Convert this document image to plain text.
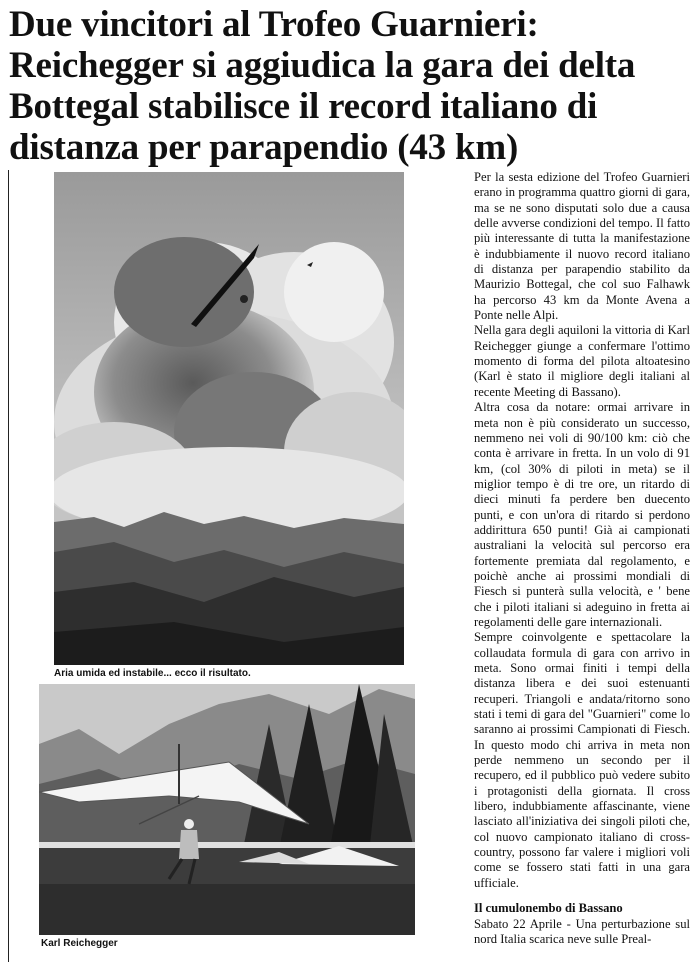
Due vincitori al Trofeo Guarnieri:
Reichegger si aggiudica la gara dei delta
Bottegal stabilisce il record italiano di
distanza per parapendio (43 km)
Aria umida ed instabile... ecco il risultato.
Karl Reichegger

Per la sesta edizione del Trofeo Guarnieri erano in programma quattro giorni di gara, ma se ne sono disputati solo due a causa delle avverse condizioni del tempo. Il fatto più interessante di tutta la manifestazione è indubbiamente il nuovo record italiano di distanza per parapendio stabilito da Maurizio Bottegal, che col suo Falhawk ha percorso 43 km da Monte Avena a Ponte nelle Alpi.

Nella gara degli aquiloni la vittoria di Karl Reichegger giunge a confermare l'ottimo momento di forma del pilota altoatesino (Karl è stato il migliore degli italiani al recente Meeting di Bassano).

Altra cosa da notare: ormai arrivare in meta non è più considerato un successo, nemmeno nei voli di 90/100 km: ciò che conta è arrivare in fretta. In un volo di 91 km, (col 30% di piloti in meta) se il miglior tempo è di tre ore, un ritardo di dieci minuti fa perdere ben duecento punti, e con un'ora di ritardo si perdono addirittura 650 punti! Già ai campionati australiani la velocità sul percorso era fortemente premiata dal regolamento, e poichè anche ai prossimi mondiali di Fiesch si punterà sulla velocità, e ' bene che i piloti italiani si adeguino in fretta ai regolamenti delle gare internazionali.

Sempre coinvolgente e spettacolare la collaudata formula di gara con arrivo in meta. Sono ormai finiti i tempi della distanza libera e dei suoi estenuanti recuperi. Triangoli e andata/ritorno sono stati i temi di gara del "Guarnieri" come lo saranno ai prossimi Campionati di Fiesch. In questo modo chi arriva in meta non perde nemmeno un secondo per il recupero, ed il pubblico può vedere subito i protagonisti della giornata. Il cross libero, indubbiamente affascinante, viene lasciato all'iniziativa dei singoli piloti che, col nuovo campionato italiano di cross-country, possono far valere i migliori voli come se fossero stati fatti in una gara ufficiale.

Il cumulonembo di Bassano

Sabato 22 Aprile - Una perturbazione sul nord Italia scarica neve sulle Preal-
